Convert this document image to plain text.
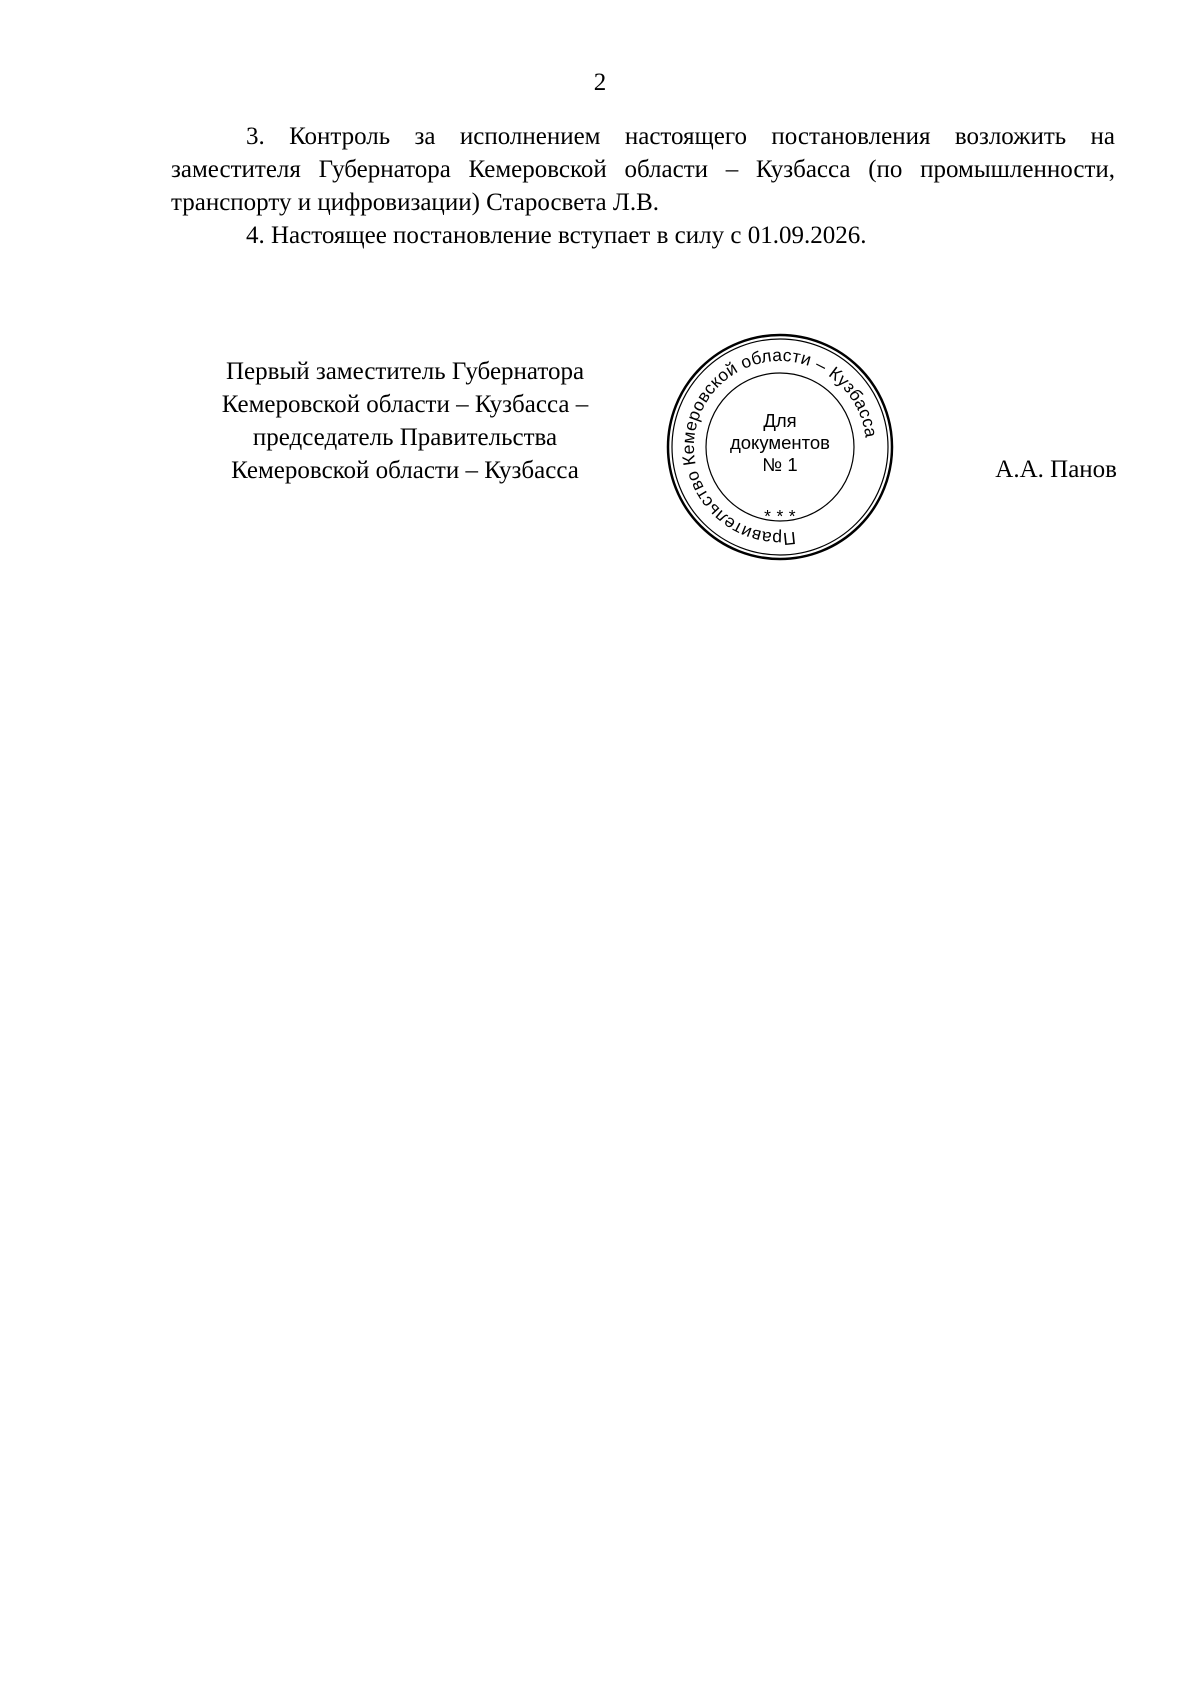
2

3. Контроль за исполнением настоящего постановления возложить на заместителя Губернатора Кемеровской области – Кузбасса (по промышленности, транспорту и цифровизации) Старосвета Л.В.

4. Настоящее постановление вступает в силу с 01.09.2026.

Первый заместитель Губернатора
Кемеровской области – Кузбасса –
председатель Правительства
Кемеровской области – Кузбасса
Правительство Кемеровской области – Кузбасса
* * *
Для
документов
№ 1	А.А. Панов
